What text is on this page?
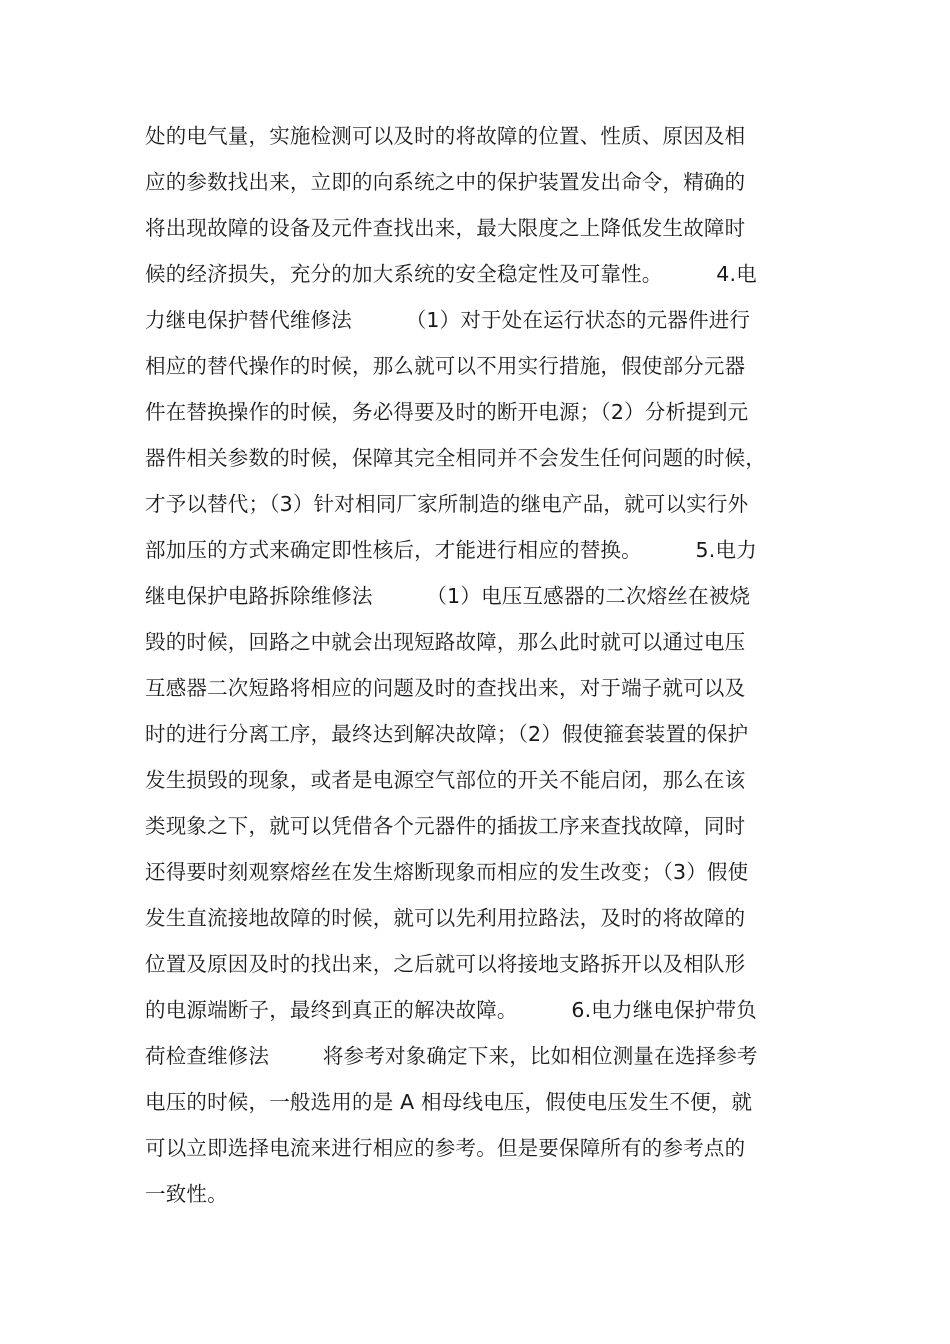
处的电气量，实施检测可以及时的将故障的位置、性质、原因及相
应的参数找出来，立即的向系统之中的保护装置发出命令，精确的
将出现故障的设备及元件查找出来，最大限度之上降低发生故障时
候的经济损失，充分的加大系统的安全稳定性及可靠性。        4.电
力继电保护替代维修法        （1）对于处在运行状态的元器件进行
相应的替代操作的时候，那么就可以不用实行措施，假使部分元器
件在替换操作的时候，务必得要及时的断开电源；（2）分析提到元
器件相关参数的时候，保障其完全相同并不会发生任何问题的时候，
才予以替代；（3）针对相同厂家所制造的继电产品，就可以实行外
部加压的方式来确定即性核后，才能进行相应的替换。        5.电力
继电保护电路拆除维修法        （1）电压互感器的二次熔丝在被烧
毁的时候，回路之中就会出现短路故障，那么此时就可以通过电压
互感器二次短路将相应的问题及时的查找出来，对于端子就可以及
时的进行分离工序，最终达到解决故障；（2）假使箍套装置的保护
发生损毁的现象，或者是电源空气部位的开关不能启闭，那么在该
类现象之下，就可以凭借各个元器件的插拔工序来查找故障，同时
还得要时刻观察熔丝在发生熔断现象而相应的发生改变；（3）假使
发生直流接地故障的时候，就可以先利用拉路法，及时的将故障的
位置及原因及时的找出来，之后就可以将接地支路拆开以及相队形
的电源端断子，最终到真正的解决故障。        6.电力继电保护带负
荷检查维修法        将参考对象确定下来，比如相位测量在选择参考
电压的时候，一般选用的是 A 相母线电压，假使电压发生不便，就
可以立即选择电流来进行相应的参考。但是要保障所有的参考点的
一致性。
